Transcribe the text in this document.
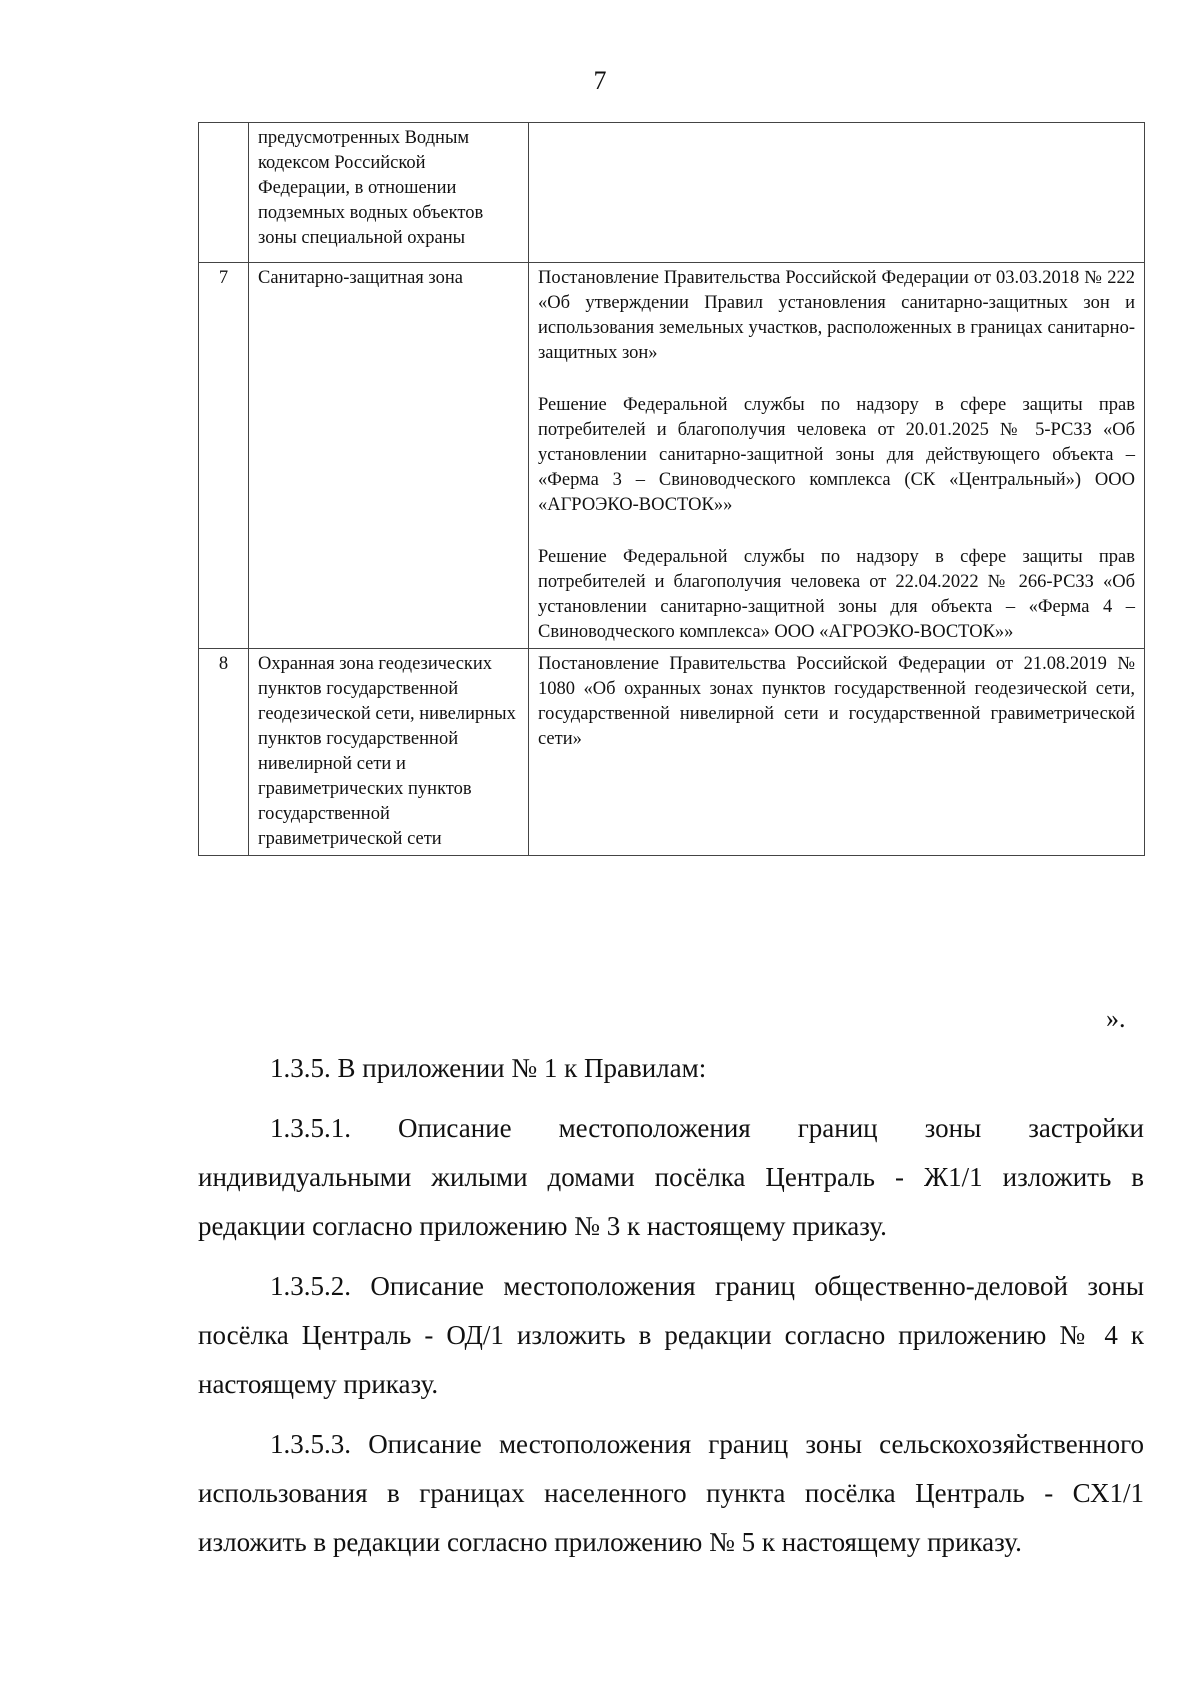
7
	предусмотренных Водным кодексом Российской Федерации, в отношении подземных водных объектов зоны специальной охраны	
7	Санитарно-защитная зона	Постановление Правительства Российской Федерации от 03.03.2018 № 222 «Об утверждении Правил установления санитарно-защитных зон и использования земельных участков, расположенных в границах санитарно-защитных зон»

Решение Федеральной службы по надзору в сфере защиты прав потребителей и благополучия человека от 20.01.2025 № 5-РСЗЗ «Об установлении санитарно-защитной зоны для действующего объекта – «Ферма 3 – Свиноводческого комплекса (СК «Центральный») ООО «АГРОЭКО-ВОСТОК»»

Решение Федеральной службы по надзору в сфере защиты прав потребителей и благополучия человека от 22.04.2022 № 266-РСЗЗ «Об установлении санитарно-защитной зоны для объекта – «Ферма 4 – Свиноводческого комплекса» ООО «АГРОЭКО-ВОСТОК»»

8	Охранная зона геодезических пунктов государственной геодезической сети, нивелирных пунктов государственной нивелирной сети и гравиметрических пунктов государственной гравиметрической сети	Постановление Правительства Российской Федерации от 21.08.2019 № 1080 «Об охранных зонах пунктов государственной геодезической сети, государственной нивелирной сети и государственной гравиметрической сети»

».

1.3.5. В приложении № 1 к Правилам:

1.3.5.1. Описание местоположения границ зоны застройки индивидуальными жилыми домами посёлка Централь - Ж1/1 изложить в редакции согласно приложению № 3 к настоящему приказу.

1.3.5.2. Описание местоположения границ общественно-деловой зоны посёлка Централь - ОД/1 изложить в редакции согласно приложению № 4 к настоящему приказу.

1.3.5.3. Описание местоположения границ зоны сельскохозяйственного использования в границах населенного пункта посёлка Централь - СХ1/1 изложить в редакции согласно приложению № 5 к настоящему приказу.
